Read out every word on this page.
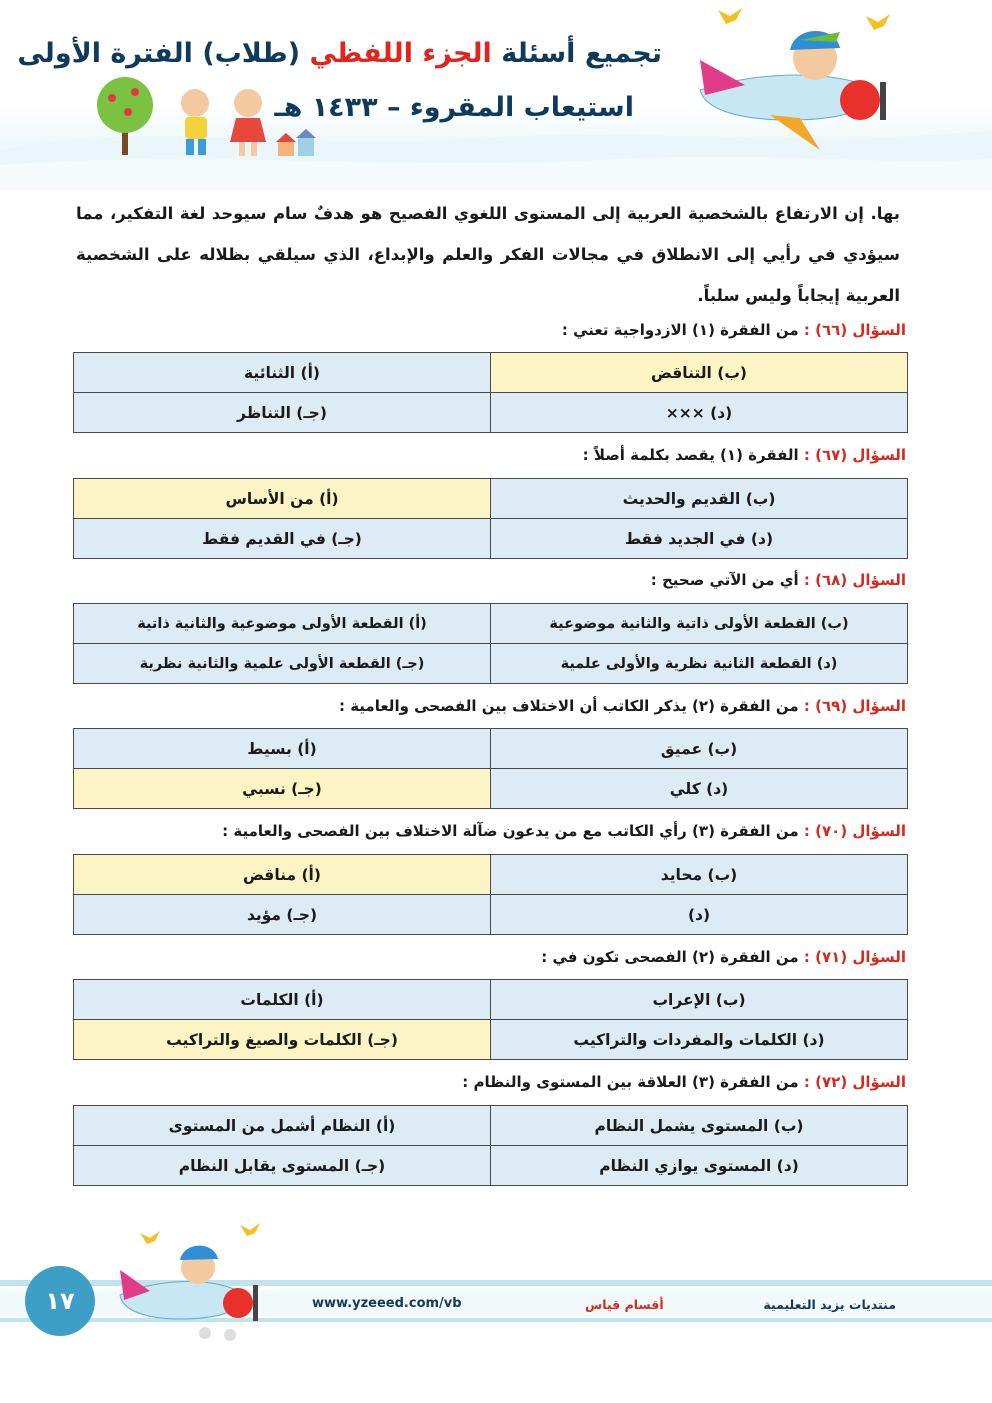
تجميع أسئلة الجزء اللفظي (طلاب) الفترة الأولى
استيعاب المقروء – ١٤٣٣ هـ
بها. إن الارتفاع بالشخصية العربية إلى المستوى اللغوي الفصيح هو هدفٌ سام سيوحد لغة التفكير، مما سيؤدي في رأيي إلى الانطلاق في مجالات الفكر والعلم والإبداع، الذي سيلقي بظلاله على الشخصية العربية إيجاباً وليس سلباً.
السؤال (٦٦) : من الفقرة (١) الازدواجية تعني :
(ب) التناقض	(أ) الثنائية
(د) ×××	(جـ) التناظر
السؤال (٦٧) : الفقرة (١) يقصد بكلمة أصلاً :
(ب) القديم والحديث	(أ) من الأساس
(د) في الجديد فقط	(جـ) في القديم فقط
السؤال (٦٨) : أي من الآتي صحيح :
(ب) القطعة الأولى ذاتية والثانية موضوعية	(أ) القطعة الأولى موضوعية والثانية ذاتية
(د) القطعة الثانية نظرية والأولى علمية	(جـ) القطعة الأولى علمية والثانية نظرية
السؤال (٦٩) : من الفقرة (٢) يذكر الكاتب أن الاختلاف بين الفصحى والعامية :
(ب) عميق	(أ) بسيط
(د) كلي	(جـ) نسبي
السؤال (٧٠) : من الفقرة (٣) رأي الكاتب مع من يدعون ضآلة الاختلاف بين الفصحى والعامية :
(ب) محايد	(أ) مناقض
(د)	(جـ) مؤيد
السؤال (٧١) : من الفقرة (٢) الفصحى تكون في :
(ب) الإعراب	(أ) الكلمات
(د) الكلمات والمفردات والتراكيب	(جـ) الكلمات والصيغ والتراكيب
السؤال (٧٢) : من الفقرة (٣) العلاقة بين المستوى والنظام :
(ب) المستوى يشمل النظام	(أ) النظام أشمل من المستوى
(د) المستوى يوازي النظام	(جـ) المستوى يقابل النظام
١٧	www.yzeeed.com/vb	أقسام قياس	منتديات يزيد التعليمية
